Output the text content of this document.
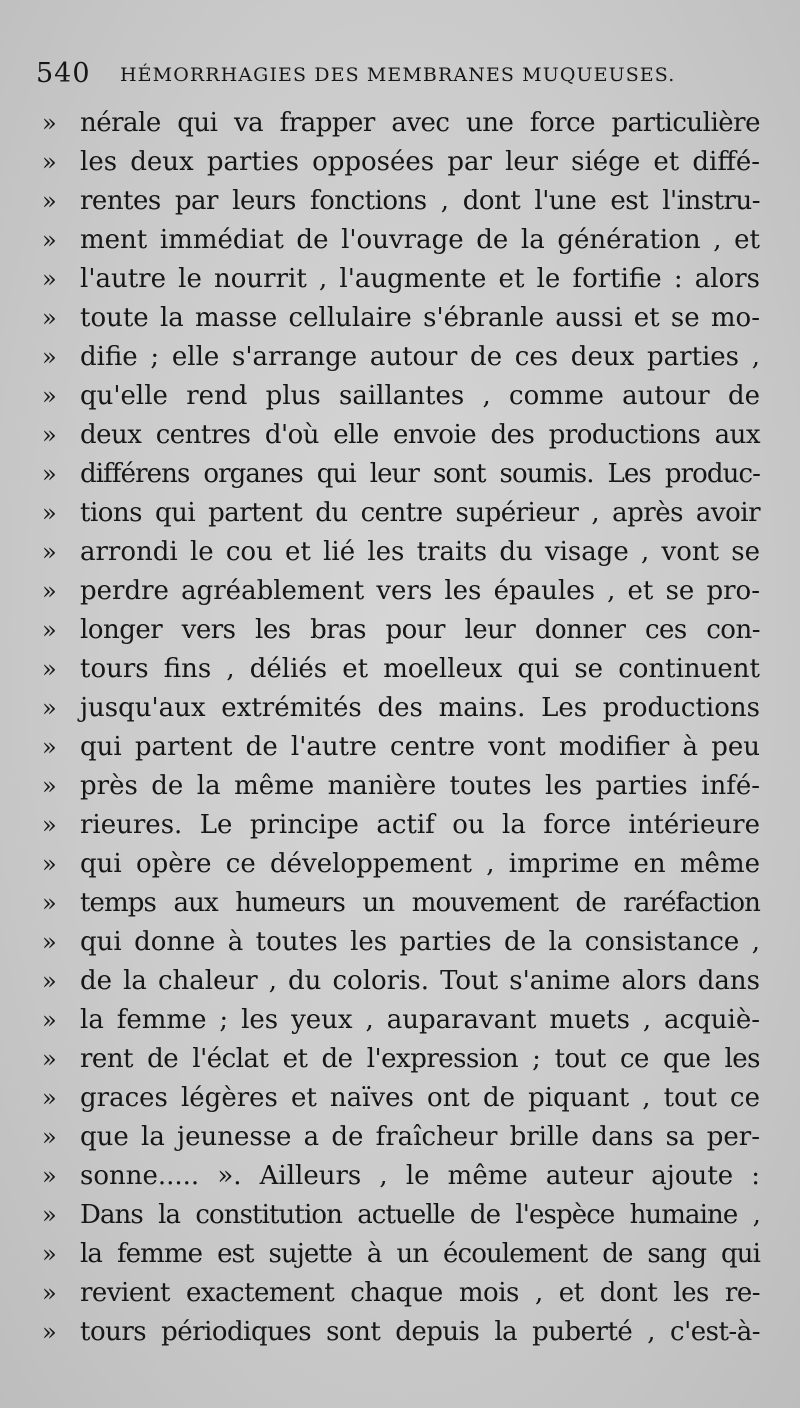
540 HÉMORRHAGIES DES MEMBRANES MUQUEUSES.
»	nérale qui va frapper avec une force particulière
»	les deux parties opposées par leur siége et diffé-
»	rentes par leurs fonctions , dont l'une est l'instru-
»	ment immédiat de l'ouvrage de la génération , et
»	l'autre le nourrit , l'augmente et le fortifie : alors
»	toute la masse cellulaire s'ébranle aussi et se mo-
»	difie ; elle s'arrange autour de ces deux parties ,
»	qu'elle rend plus saillantes , comme autour de
»	deux centres d'où elle envoie des productions aux
»	différens organes qui leur sont soumis. Les produc-
»	tions qui partent du centre supérieur , après avoir
»	arrondi le cou et lié les traits du visage , vont se
»	perdre agréablement vers les épaules , et se pro-
»	longer vers les bras pour leur donner ces con-
»	tours fins , déliés et moelleux qui se continuent
»	jusqu'aux extrémités des mains. Les productions
»	qui partent de l'autre centre vont modifier à peu
»	près de la même manière toutes les parties infé-
»	rieures. Le principe actif ou la force intérieure
»	qui opère ce développement , imprime en même
»	temps aux humeurs un mouvement de raréfaction
»	qui donne à toutes les parties de la consistance ,
»	de la chaleur , du coloris. Tout s'anime alors dans
»	la femme ; les yeux , auparavant muets , acquiè-
»	rent de l'éclat et de l'expression ; tout ce que les
»	graces légères et naïves ont de piquant , tout ce
»	que la jeunesse a de fraîcheur brille dans sa per-
»	sonne..... ». Ailleurs , le même auteur ajoute :
»	Dans la constitution actuelle de l'espèce humaine ,
»	la femme est sujette à un écoulement de sang qui
»	revient exactement chaque mois , et dont les re-
»	tours périodiques sont depuis la puberté , c'est-à-
